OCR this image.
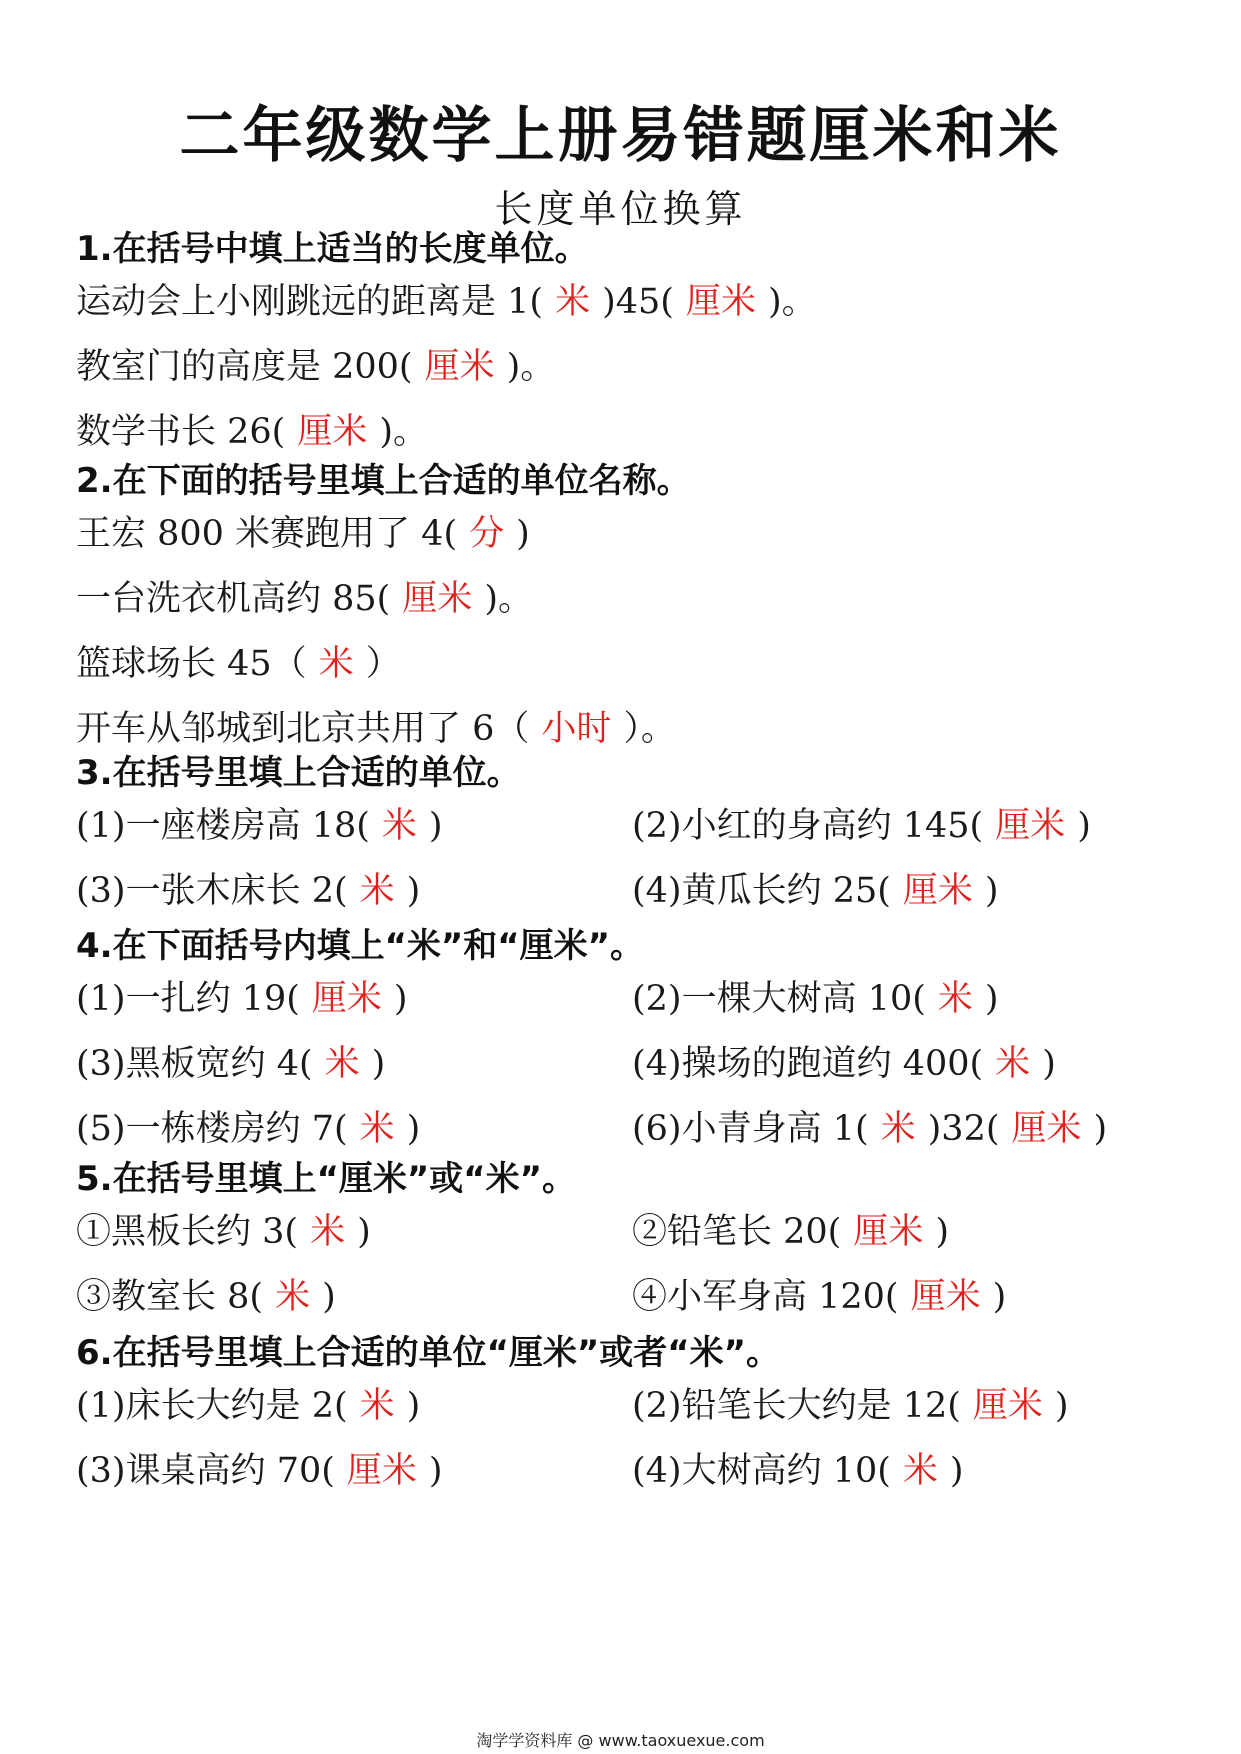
二年级数学上册易错题厘米和米
长度单位换算
1.在括号中填上适当的长度单位。
运动会上小刚跳远的距离是 1( 米 )45( 厘米 )。
教室门的高度是 200( 厘米 )。
数学书长 26( 厘米 )。
2.在下面的括号里填上合适的单位名称。
王宏 800 米赛跑用了 4( 分 )
一台洗衣机高约 85( 厘米 )。
篮球场长 45（ 米 ）
开车从邹城到北京共用了 6（ 小时 ）。
3.在括号里填上合适的单位。
(1)一座楼房高 18( 米 )	(2)小红的身高约 145( 厘米 )
(3)一张木床长 2( 米 )	(4)黄瓜长约 25( 厘米 )
4.在下面括号内填上“米”和“厘米”。
(1)一扎约 19( 厘米 )	(2)一棵大树高 10( 米 )
(3)黑板宽约 4( 米 )	(4)操场的跑道约 400( 米 )
(5)一栋楼房约 7( 米 )	(6)小青身高 1( 米 )32( 厘米 )
5.在括号里填上“厘米”或“米”。
①黑板长约 3( 米 )	②铅笔长 20( 厘米 )
③教室长 8( 米 )	④小军身高 120( 厘米 )
6.在括号里填上合适的单位“厘米”或者“米”。
(1)床长大约是 2( 米 )	(2)铅笔长大约是 12( 厘米 )
(3)课桌高约 70( 厘米 )	(4)大树高约 10( 米 )
淘学学资料库 @ www.taoxuexue.com
